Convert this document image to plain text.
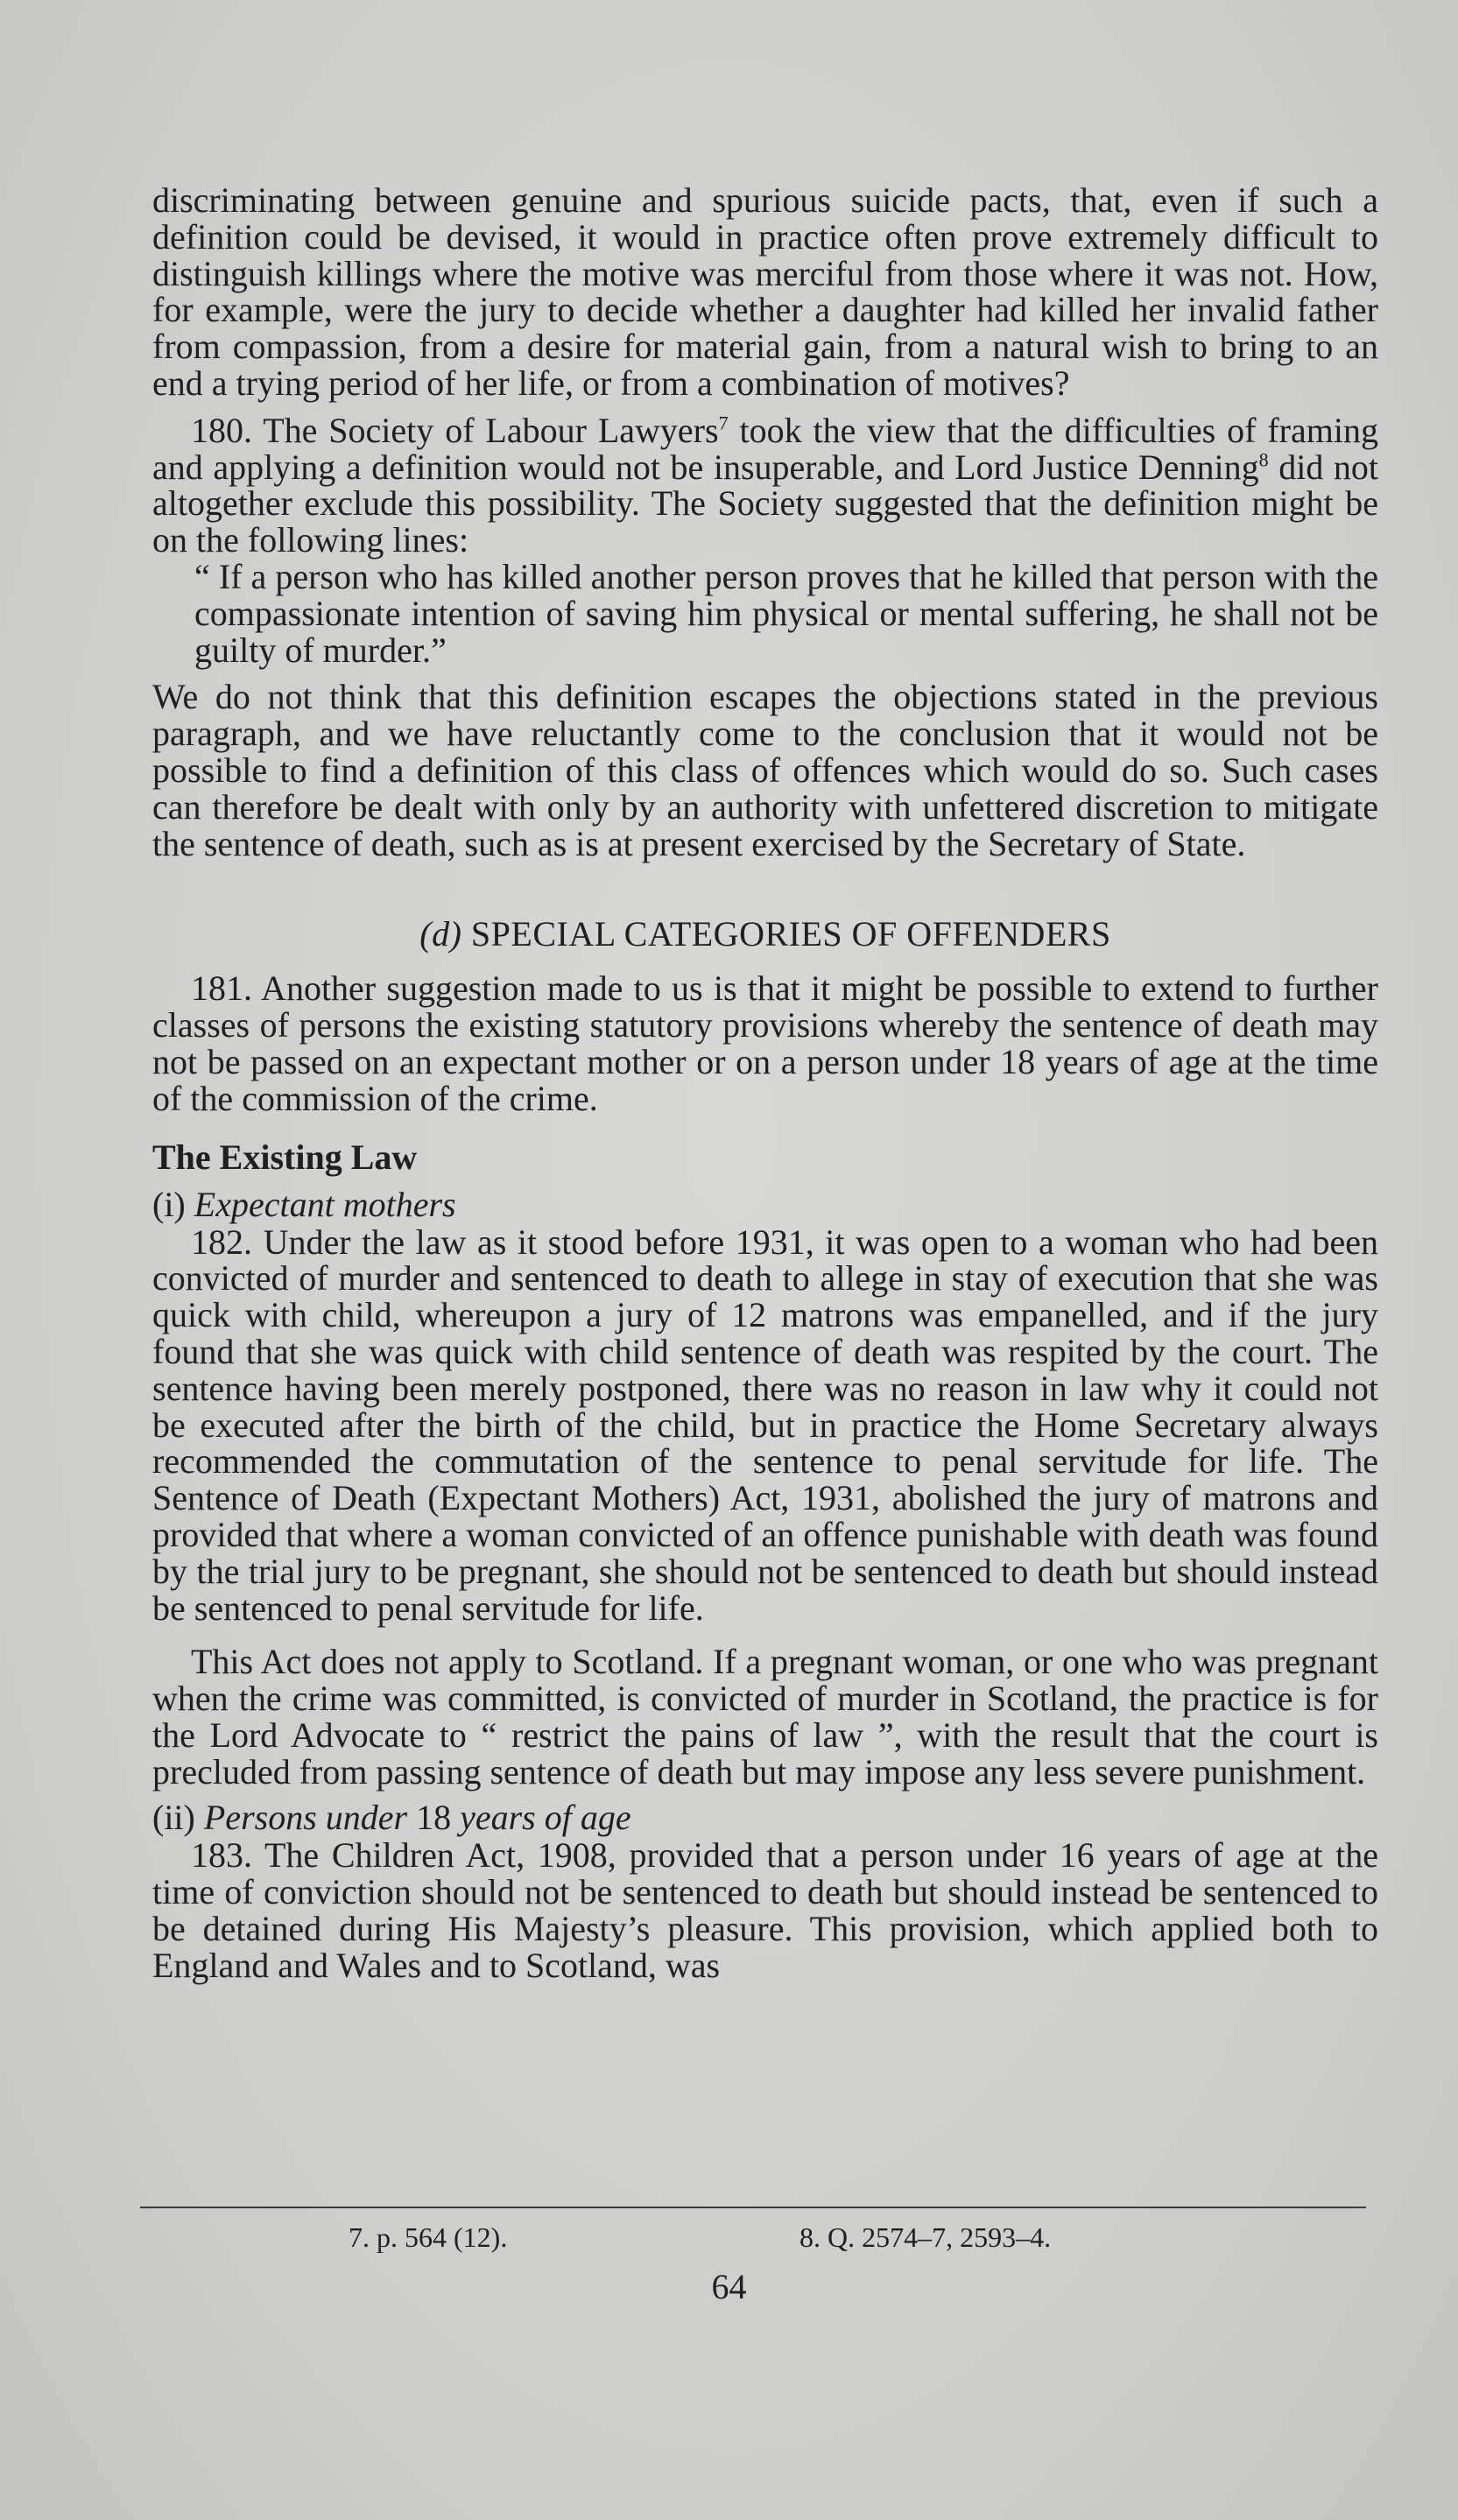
discriminating between genuine and spurious suicide pacts, that, even if such a definition could be devised, it would in practice often prove extremely difficult to distinguish killings where the motive was merciful from those where it was not. How, for example, were the jury to decide whether a daughter had killed her invalid father from compassion, from a desire for material gain, from a natural wish to bring to an end a trying period of her life, or from a combination of motives?

180. The Society of Labour Lawyers$^7$ took the view that the difficulties of framing and applying a definition would not be insuperable, and Lord Justice Denning$^8$ did not altogether exclude this possibility. The Society suggested that the definition might be on the following lines:

“ If a person who has killed another person proves that he killed that person with the compassionate intention of saving him physical or mental suffering, he shall not be guilty of murder.”

We do not think that this definition escapes the objections stated in the previous paragraph, and we have reluctantly come to the conclusion that it would not be possible to find a definition of this class of offences which would do so. Such cases can therefore be dealt with only by an authority with unfettered discretion to mitigate the sentence of death, such as is at present exercised by the Secretary of State.

(d) SPECIAL CATEGORIES OF OFFENDERS

181. Another suggestion made to us is that it might be possible to extend to further classes of persons the existing statutory provisions whereby the sentence of death may not be passed on an expectant mother or on a person under 18 years of age at the time of the commission of the crime.

The Existing Law
(i) Expectant mothers

182. Under the law as it stood before 1931, it was open to a woman who had been convicted of murder and sentenced to death to allege in stay of execution that she was quick with child, whereupon a jury of 12 matrons was empanelled, and if the jury found that she was quick with child sentence of death was respited by the court. The sentence having been merely postponed, there was no reason in law why it could not be executed after the birth of the child, but in practice the Home Secretary always recommended the commutation of the sentence to penal servitude for life. The Sentence of Death (Expectant Mothers) Act, 1931, abolished the jury of matrons and provided that where a woman convicted of an offence punishable with death was found by the trial jury to be pregnant, she should not be sentenced to death but should instead be sentenced to penal servitude for life.

This Act does not apply to Scotland. If a pregnant woman, or one who was pregnant when the crime was committed, is convicted of murder in Scotland, the practice is for the Lord Advocate to “ restrict the pains of law ”, with the result that the court is precluded from passing sentence of death but may impose any less severe punishment.

(ii) Persons under 18 years of age

183. The Children Act, 1908, provided that a person under 16 years of age at the time of conviction should not be sentenced to death but should instead be sentenced to be detained during His Majesty’s pleasure. This provision, which applied both to England and Wales and to Scotland, was

7. p. 564 (12).	8. Q. 2574–7, 2593–4.
64
